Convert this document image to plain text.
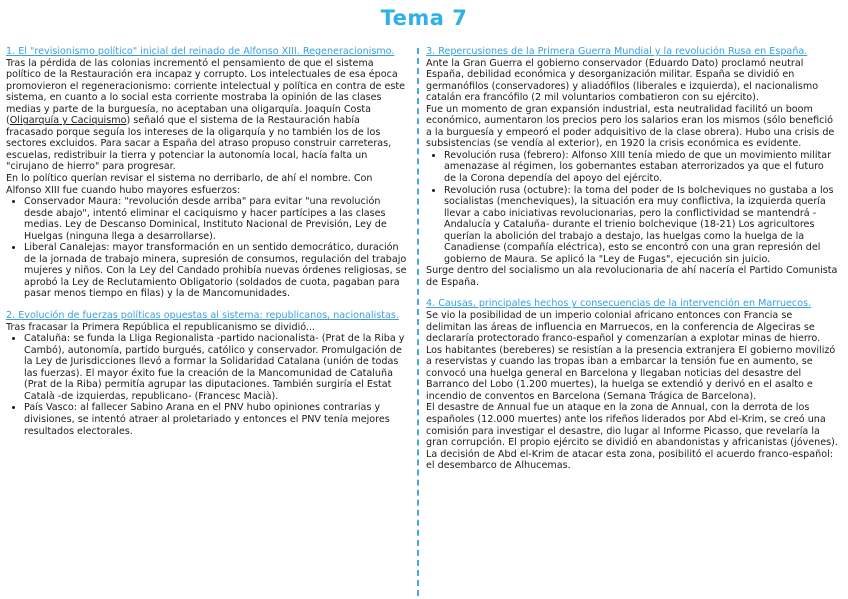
Tema 7

1. El "revisionismo político" inicial del reinado de Alfonso XIII. Regeneracionismo.

Tras la pérdida de las colonias incrementó el pensamiento de que el sistema político de la Restauración era incapaz y corrupto. Los intelectuales de esa época promovieron el regeneracionismo: corriente intelectual y política en contra de este sistema, en cuanto a lo social esta corriente mostraba la opinión de las clases medias y parte de la burguesía, no aceptaban una oligarquía. Joaquín Costa (Oligarquía y Caciquismo) señaló que el sistema de la Restauración había fracasado porque seguía los intereses de la oligarquía y no también los de los sectores excluidos. Para sacar a España del atraso propuso construir carreteras, escuelas, redistribuir la tierra y potenciar la autonomía local, hacía falta un "cirujano de hierro" para progresar.

En lo político querían revisar el sistema no derribarlo, de ahí el nombre. Con Alfonso XIII fue cuando hubo mayores esfuerzos:

• Conservador Maura: "revolución desde arriba" para evitar "una revolución desde abajo", intentó eliminar el caciquismo y hacer partícipes a las clases medias. Ley de Descanso Dominical, Instituto Nacional de Previsión, Ley de Huelgas (ninguna llega a desarrollarse).
• Liberal Canalejas: mayor transformación en un sentido democrático, duración de la jornada de trabajo minera, supresión de consumos, regulación del trabajo mujeres y niños. Con la Ley del Candado prohibía nuevas órdenes religiosas, se aprobó la Ley de Reclutamiento Obligatorio (soldados de cuota, pagaban para pasar menos tiempo en filas) y la de Mancomunidades.

2. Evolución de fuerzas políticas opuestas al sistema: republicanos, nacionalistas.

Tras fracasar la Primera República el republicanismo se dividió...

• Cataluña: se funda la Lliga Regionalista -partido nacionalista- (Prat de la Riba y Cambó), autonomía, partido burgués, católico y conservador. Promulgación de la Ley de Jurisdicciones llevó a formar la Solidaridad Catalana (unión de todas las fuerzas). El mayor éxito fue la creación de la Mancomunidad de Cataluña (Prat de la Riba) permitía agrupar las diputaciones. También surgiría el Estat Català -de izquierdas, republicano- (Francesc Macià).
• País Vasco: al fallecer Sabino Arana en el PNV hubo opiniones contrarias y divisiones, se intentó atraer al proletariado y entonces el PNV tenía mejores resultados electorales.

3. Repercusiones de la Primera Guerra Mundial y la revolución Rusa en España.

Ante la Gran Guerra el gobierno conservador (Eduardo Dato) proclamó neutral España, debilidad económica y desorganización militar. España se dividió en germanófilos (conservadores) y aliadófilos (liberales e izquierda), el nacionalismo catalán era francófilo (2 mil voluntarios combatieron con su ejército).

Fue un momento de gran expansión industrial, esta neutralidad facilitó un boom económico, aumentaron los precios pero los salarios eran los mismos (sólo benefició a la burguesía y empeoró el poder adquisitivo de la clase obrera). Hubo una crisis de subsistencias (se vendía al exterior), en 1920 la crisis económica es evidente.

• Revolución rusa (febrero): Alfonso XIII tenía miedo de que un movimiento militar amenazase al régimen, los gobernantes estaban aterrorizados ya que el futuro de la Corona dependía del apoyo del ejército.
• Revolución rusa (octubre): la toma del poder de Is bolcheviques no gustaba a los socialistas (mencheviques), la situación era muy conflictiva, la izquierda quería llevar a cabo iniciativas revolucionarias, pero la conflictividad se mantendrá -Andalucía y Cataluña- durante el trienio bolchevique (18-21) Los agricultores querían la abolición del trabajo a destajo, las huelgas como la huelga de la Canadiense (compañía eléctrica), esto se encontró con una gran represión del gobierno de Maura. Se aplicó la "Ley de Fugas", ejecución sin juicio.

Surge dentro del socialismo un ala revolucionaria de ahí nacería el Partido Comunista de España.

4. Causas, principales hechos y consecuencias de la intervención en Marruecos.

Se vio la posibilidad de un imperio colonial africano entonces con Francia se delimitan las áreas de influencia en Marruecos, en la conferencia de Algeciras se declararía protectorado franco-español y comenzarían a explotar minas de hierro. Los habitantes (bereberes) se resistían a la presencia extranjera El gobierno movilizó a reservistas y cuando las tropas iban a embarcar la tensión fue en aumento, se convocó una huelga general en Barcelona y llegaban noticias del desastre del Barranco del Lobo (1.200 muertes), la huelga se extendió y derivó en el asalto e incendio de conventos en Barcelona (Semana Trágica de Barcelona).

El desastre de Annual fue un ataque en la zona de Annual, con la derrota de los españoles (12.000 muertes) ante los rifeños liderados por Abd el-Krim, se creó una comisión para investigar el desastre, dio lugar al Informe Picasso, que revelaría la gran corrupción. El propio ejército se dividió en abandonistas y africanistas (jóvenes). La decisión de Abd el-Krim de atacar esta zona, posibilitó el acuerdo franco-español: el desembarco de Alhucemas.
